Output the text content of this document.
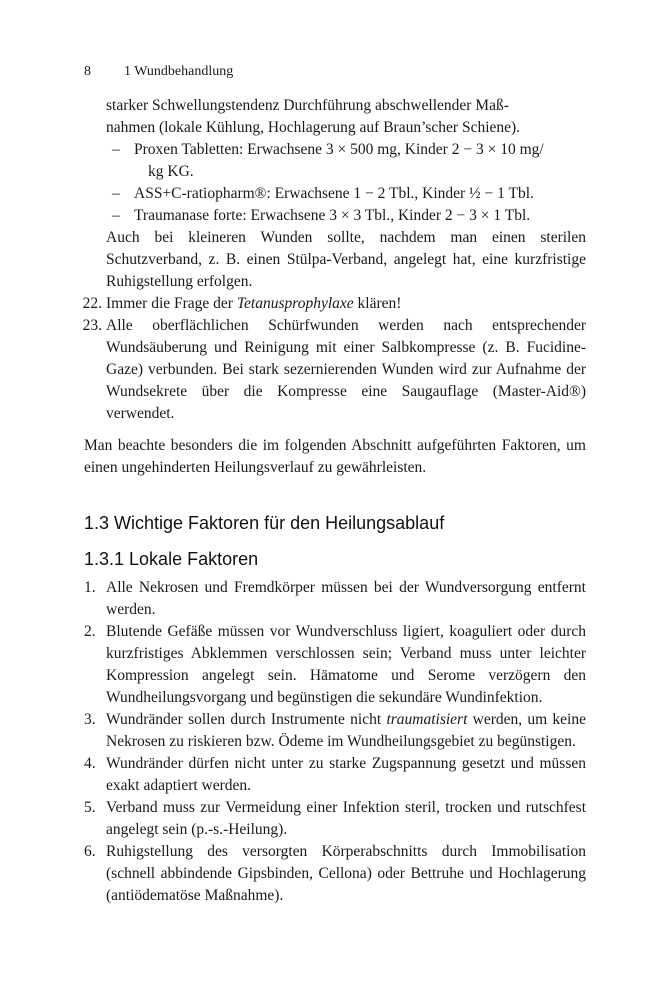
8 1 Wundbehandlung

starker Schwellungstendenz Durchführung abschwellender Maß-

nahmen (lokale Kühlung, Hochlagerung auf Braun’scher Schiene).

– Proxen Tabletten: Erwachsene 3 × 500 mg, Kinder 2 − 3 × 10 mg/

kg KG.

– ASS+C-ratiopharm®: Erwachsene 1 − 2 Tbl., Kinder ½ − 1 Tbl.

– Traumanase forte: Erwachsene 3 × 3 Tbl., Kinder 2 − 3 × 1 Tbl.

Auch bei kleineren Wunden sollte, nachdem man einen sterilen Schutzverband, z. B. einen Stülpa-Verband, angelegt hat, eine kurzfristige Ruhigstellung erfolgen.

22. Immer die Frage der Tetanusprophylaxe klären!
23. Alle oberflächlichen Schürfwunden werden nach entsprechender Wundsäuberung und Reinigung mit einer Salbkompresse (z. B. Fucidine-Gaze) verbunden. Bei stark sezernierenden Wunden wird zur Aufnahme der Wundsekrete über die Kompresse eine Saugauflage (Master-Aid®) verwendet.

Man beachte besonders die im folgenden Abschnitt aufgeführten Faktoren, um einen ungehinderten Heilungsverlauf zu gewährleisten.

1.3 Wichtige Faktoren für den Heilungsablauf
1.3.1 Lokale Faktoren
1. Alle Nekrosen und Fremdkörper müssen bei der Wundversorgung entfernt werden.
2. Blutende Gefäße müssen vor Wundverschluss ligiert, koaguliert oder durch kurzfristiges Abklemmen verschlossen sein; Verband muss unter leichter Kompression angelegt sein. Hämatome und Serome verzögern den Wundheilungsvorgang und begünstigen die sekundäre Wundinfektion.
3. Wundränder sollen durch Instrumente nicht traumatisiert werden, um keine Nekrosen zu riskieren bzw. Ödeme im Wundheilungsgebiet zu begünstigen.
4. Wundränder dürfen nicht unter zu starke Zugspannung gesetzt und müssen exakt adaptiert werden.
5. Verband muss zur Vermeidung einer Infektion steril, trocken und rutschfest angelegt sein (p.-s.-Heilung).
6. Ruhigstellung des versorgten Körperabschnitts durch Immobilisation (schnell abbindende Gipsbinden, Cellona) oder Bettruhe und Hochlagerung (antiödematöse Maßnahme).
